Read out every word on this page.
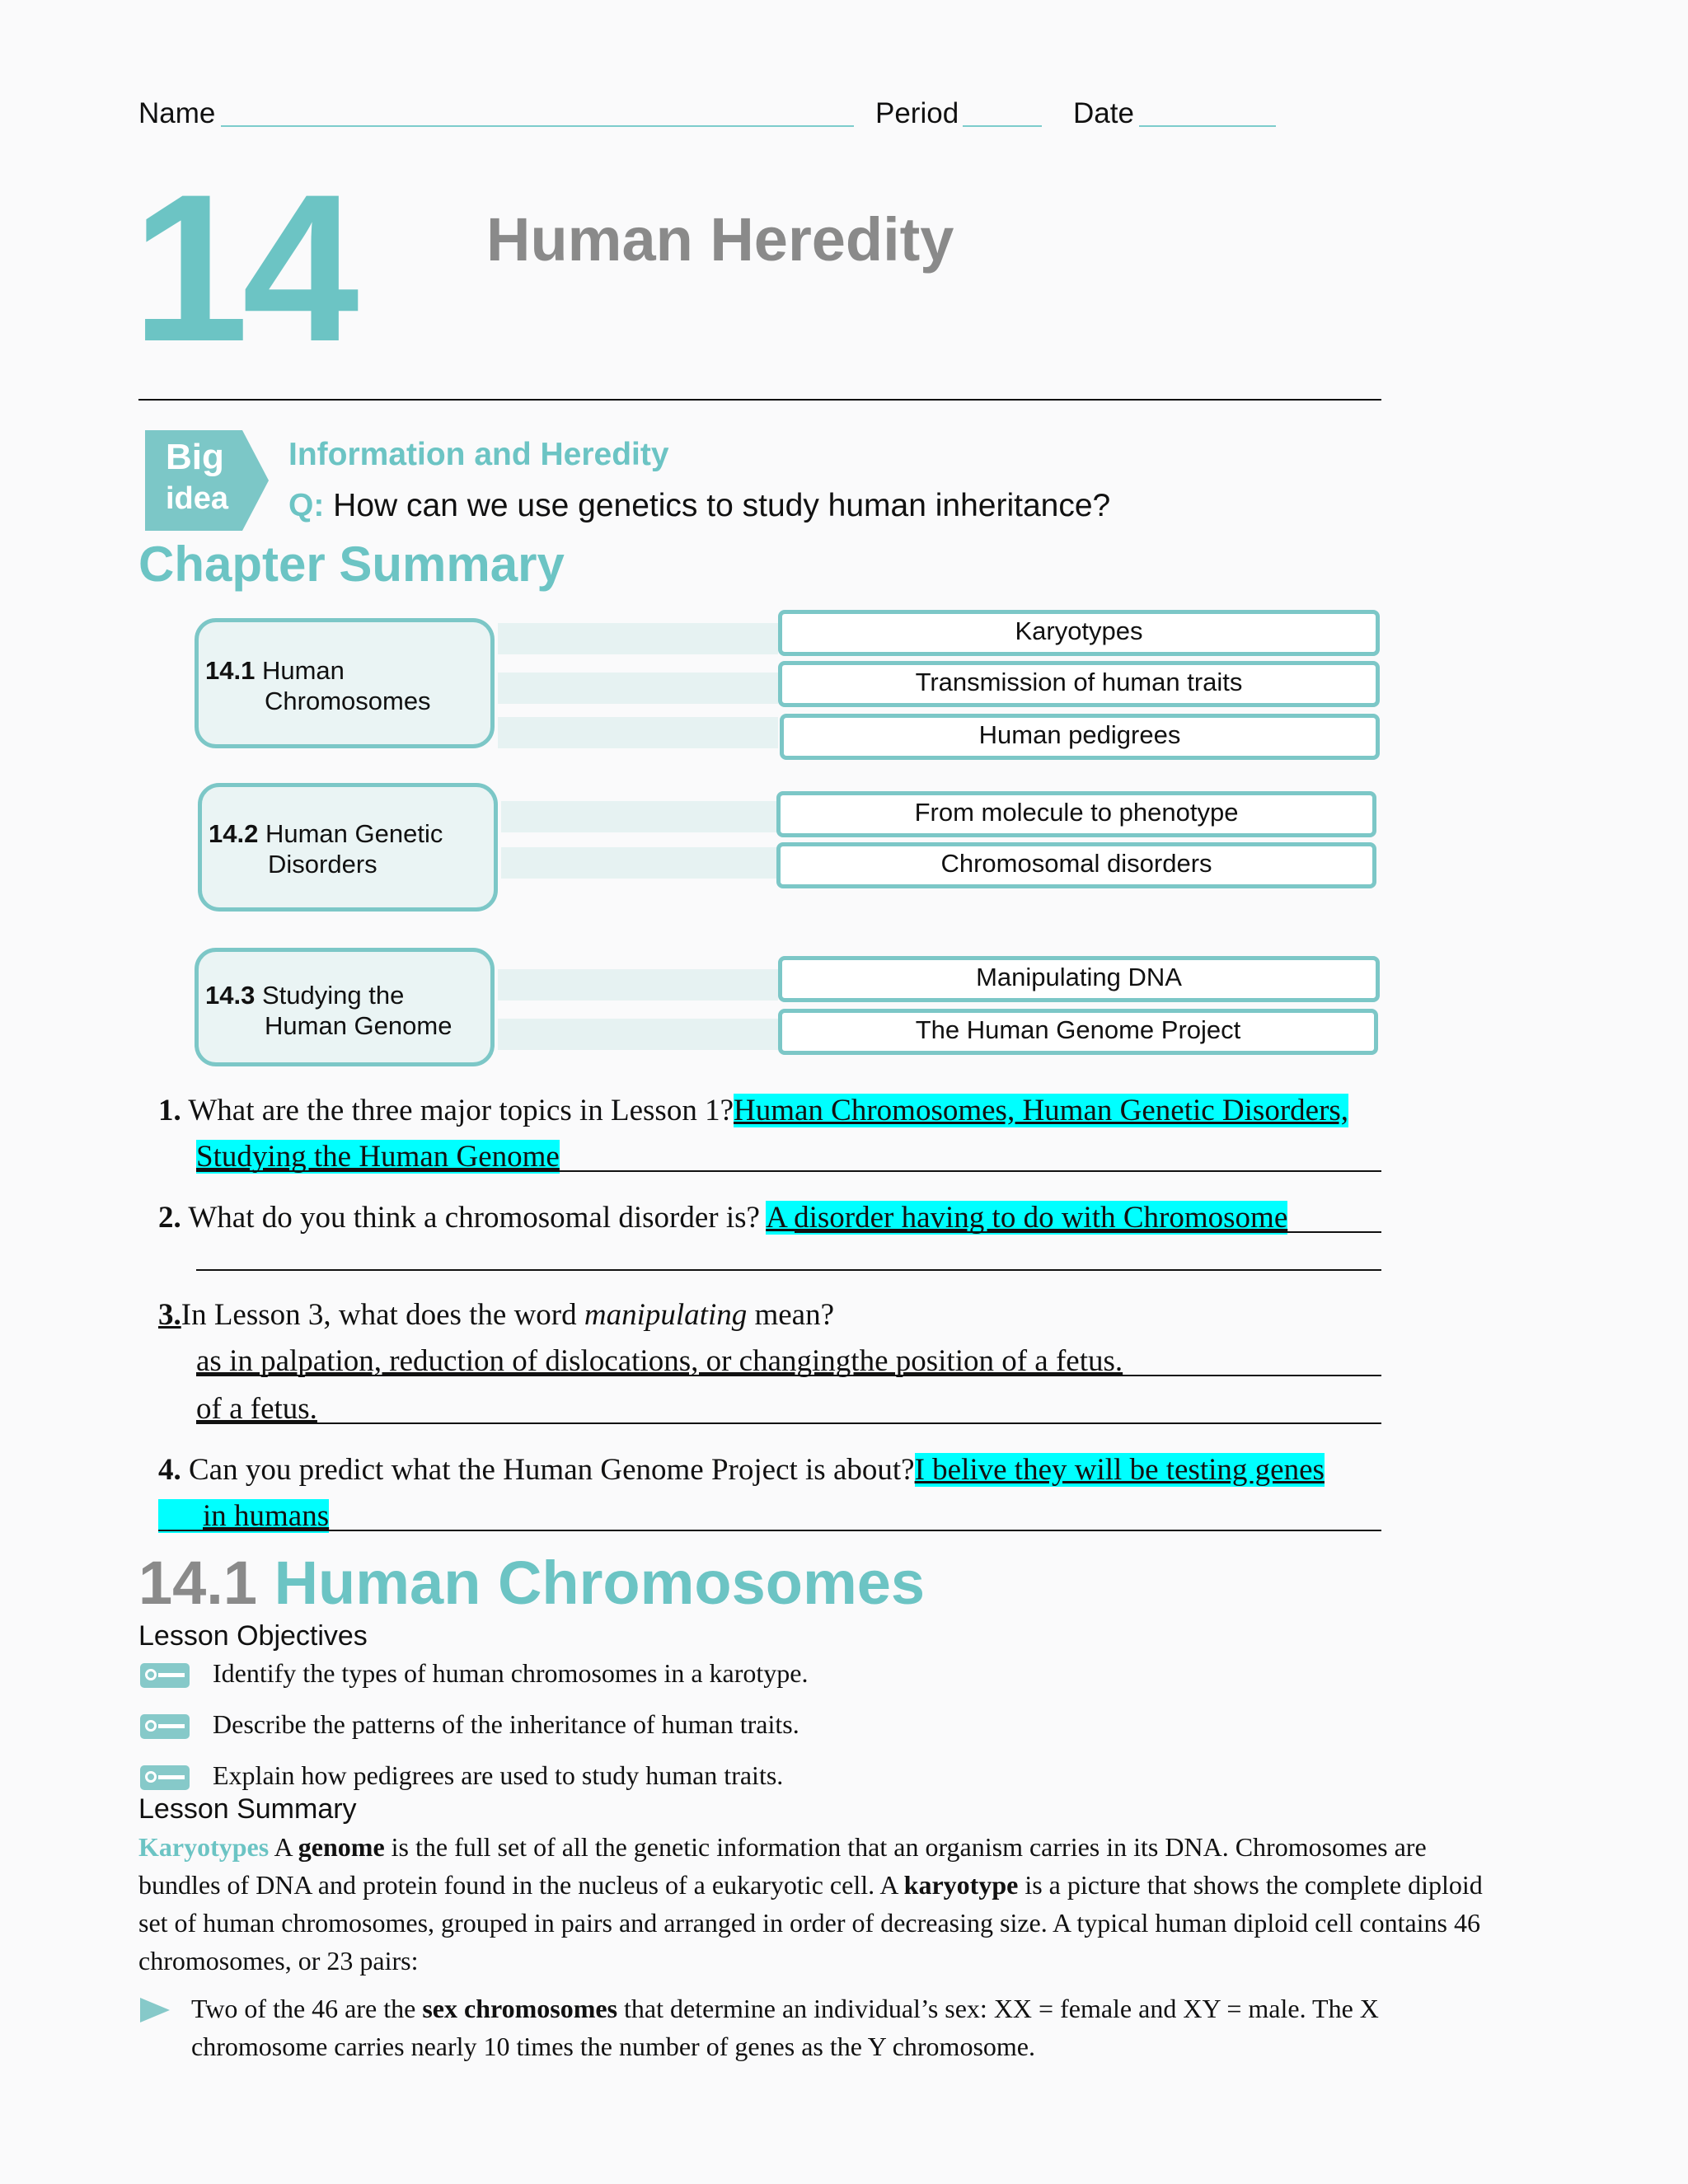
Name	Period	Date
14 Human Heredity
Big
idea
Information and Heredity
Q: How can we use genetics to study human inheritance?
Chapter Summary
14.1 Human
Chromosomes
Karyotypes
Transmission of human traits
Human pedigrees
14.2 Human Genetic
Disorders
From molecule to phenotype
Chromosomal disorders
14.3 Studying the
Human Genome
Manipulating DNA
The Human Genome Project
1. What are the three major topics in Lesson 1?Human Chromosomes, Human Genetic Disorders,
Studying the Human Genome
2. What do you think a chromosomal disorder is? A disorder having to do with Chromosome
3.In Lesson 3, what does the word manipulating mean?
as in palpation, reduction of dislocations, or changingthe position of a fetus.
of a fetus.
4. Can you predict what the Human Genome Project is about?I belive they will be testing genes
in humans
14.1 Human Chromosomes
Lesson Objectives
Identify the types of human chromosomes in a karotype.
Describe the patterns of the inheritance of human traits.
Explain how pedigrees are used to study human traits.
Lesson Summary
Karyotypes A genome is the full set of all the genetic information that an organism carries in its DNA. Chromosomes are bundles of DNA and protein found in the nucleus of a eukaryotic cell. A karyotype is a picture that shows the complete diploid set of human chromosomes, grouped in pairs and arranged in order of decreasing size. A typical human diploid cell contains 46 chromosomes, or 23 pairs:
Two of the 46 are the sex chromosomes that determine an individual’s sex: XX = female and XY = male. The X chromosome carries nearly 10 times the number of genes as the Y chromosome.
